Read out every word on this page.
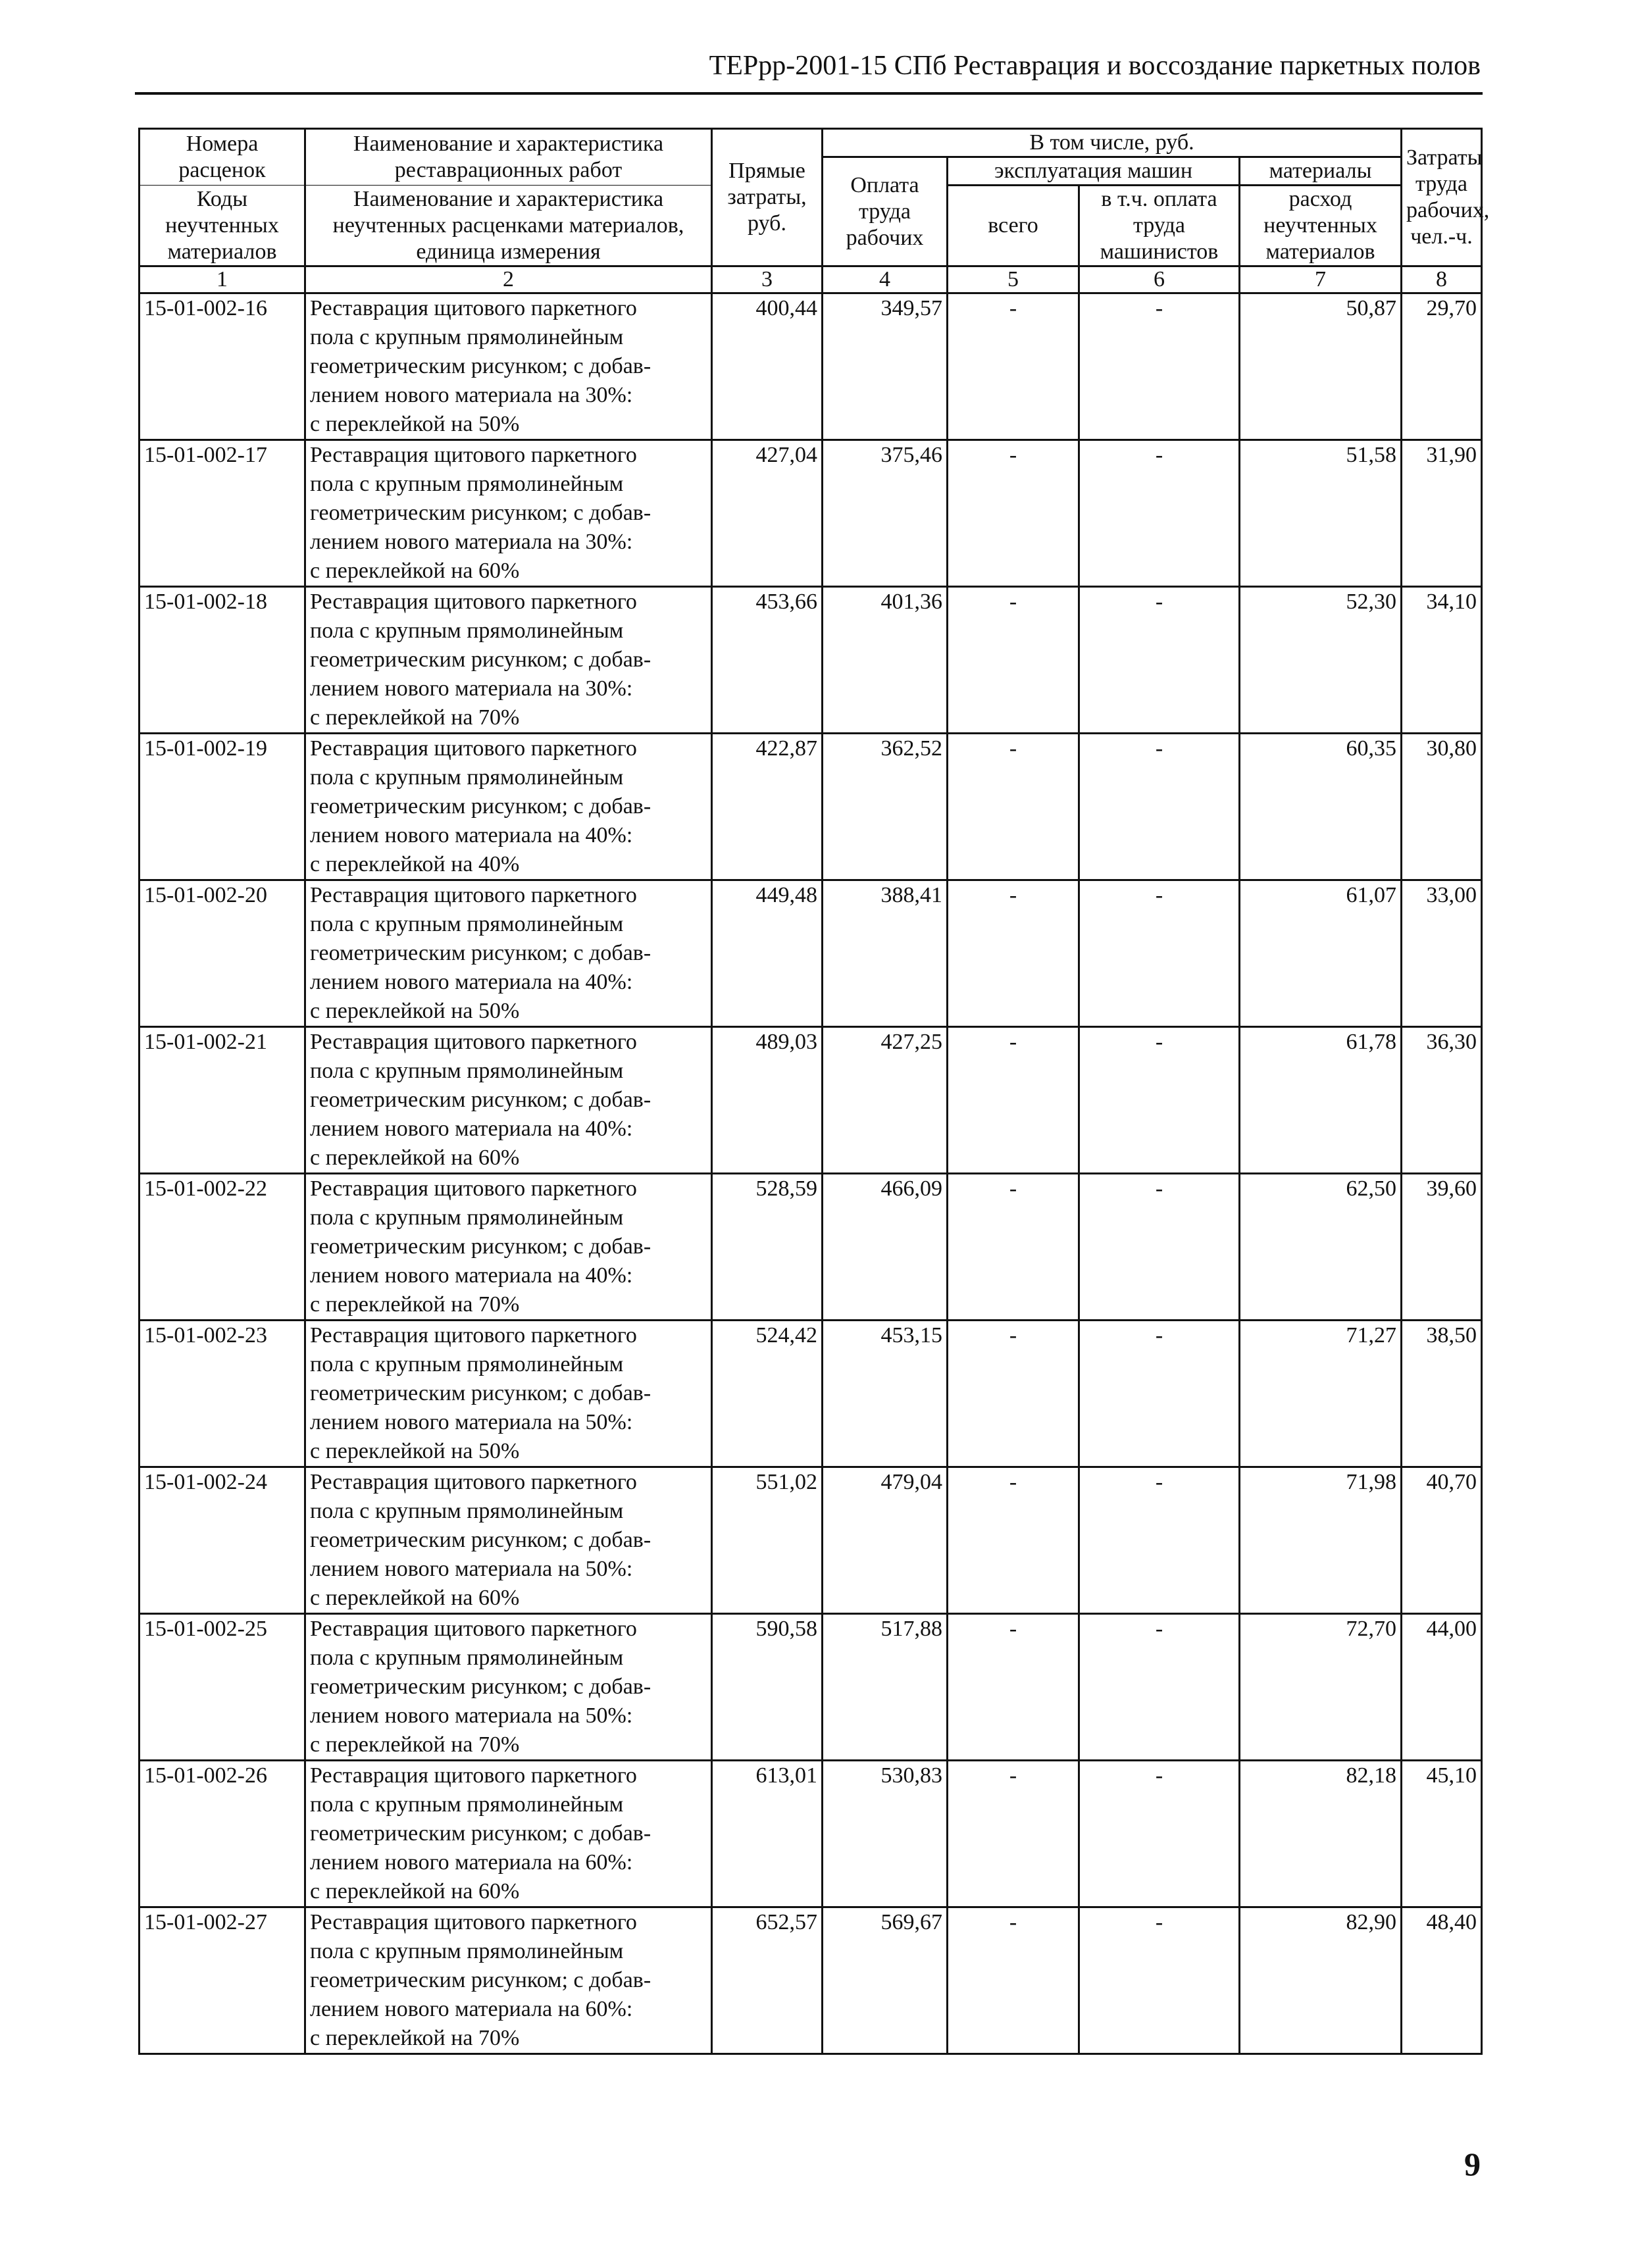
ТЕРрр-2001-15 СПб Реставрация и воссоздание паркетных полов
Номера расценок	Наименование и характеристика реставрационных работ	Прямые затраты, руб.	В том числе, руб.				Затраты труда рабочих, чел.-ч.
			Оплата труда рабочих	эксплуатация машин		материалы	
Коды неучтенных материалов	Наименование и характеристика неучтенных расценками материалов, единица измерения			всего	в т.ч. оплата труда машинистов	расход неучтенных материалов	

1	2	3	4	5	6	7	8
15-01-002-16	Реставрация щитового паркетного
пола с крупным прямолинейным
геометрическим рисунком; с добав-
лением нового материала на 30%:
с переклейкой на 50%	400,44	349,57	-	-	50,87	29,70
15-01-002-17	Реставрация щитового паркетного
пола с крупным прямолинейным
геометрическим рисунком; с добав-
лением нового материала на 30%:
с переклейкой на 60%	427,04	375,46	-	-	51,58	31,90
15-01-002-18	Реставрация щитового паркетного
пола с крупным прямолинейным
геометрическим рисунком; с добав-
лением нового материала на 30%:
с переклейкой на 70%	453,66	401,36	-	-	52,30	34,10
15-01-002-19	Реставрация щитового паркетного
пола с крупным прямолинейным
геометрическим рисунком; с добав-
лением нового материала на 40%:
с переклейкой на 40%	422,87	362,52	-	-	60,35	30,80
15-01-002-20	Реставрация щитового паркетного
пола с крупным прямолинейным
геометрическим рисунком; с добав-
лением нового материала на 40%:
с переклейкой на 50%	449,48	388,41	-	-	61,07	33,00
15-01-002-21	Реставрация щитового паркетного
пола с крупным прямолинейным
геометрическим рисунком; с добав-
лением нового материала на 40%:
с переклейкой на 60%	489,03	427,25	-	-	61,78	36,30
15-01-002-22	Реставрация щитового паркетного
пола с крупным прямолинейным
геометрическим рисунком; с добав-
лением нового материала на 40%:
с переклейкой на 70%	528,59	466,09	-	-	62,50	39,60
15-01-002-23	Реставрация щитового паркетного
пола с крупным прямолинейным
геометрическим рисунком; с добав-
лением нового материала на 50%:
с переклейкой на 50%	524,42	453,15	-	-	71,27	38,50
15-01-002-24	Реставрация щитового паркетного
пола с крупным прямолинейным
геометрическим рисунком; с добав-
лением нового материала на 50%:
с переклейкой на 60%	551,02	479,04	-	-	71,98	40,70
15-01-002-25	Реставрация щитового паркетного
пола с крупным прямолинейным
геометрическим рисунком; с добав-
лением нового материала на 50%:
с переклейкой на 70%	590,58	517,88	-	-	72,70	44,00
15-01-002-26	Реставрация щитового паркетного
пола с крупным прямолинейным
геометрическим рисунком; с добав-
лением нового материала на 60%:
с переклейкой на 60%	613,01	530,83	-	-	82,18	45,10
15-01-002-27	Реставрация щитового паркетного
пола с крупным прямолинейным
геометрическим рисунком; с добав-
лением нового материала на 60%:
с переклейкой на 70%	652,57	569,67	-	-	82,90	48,40
9
